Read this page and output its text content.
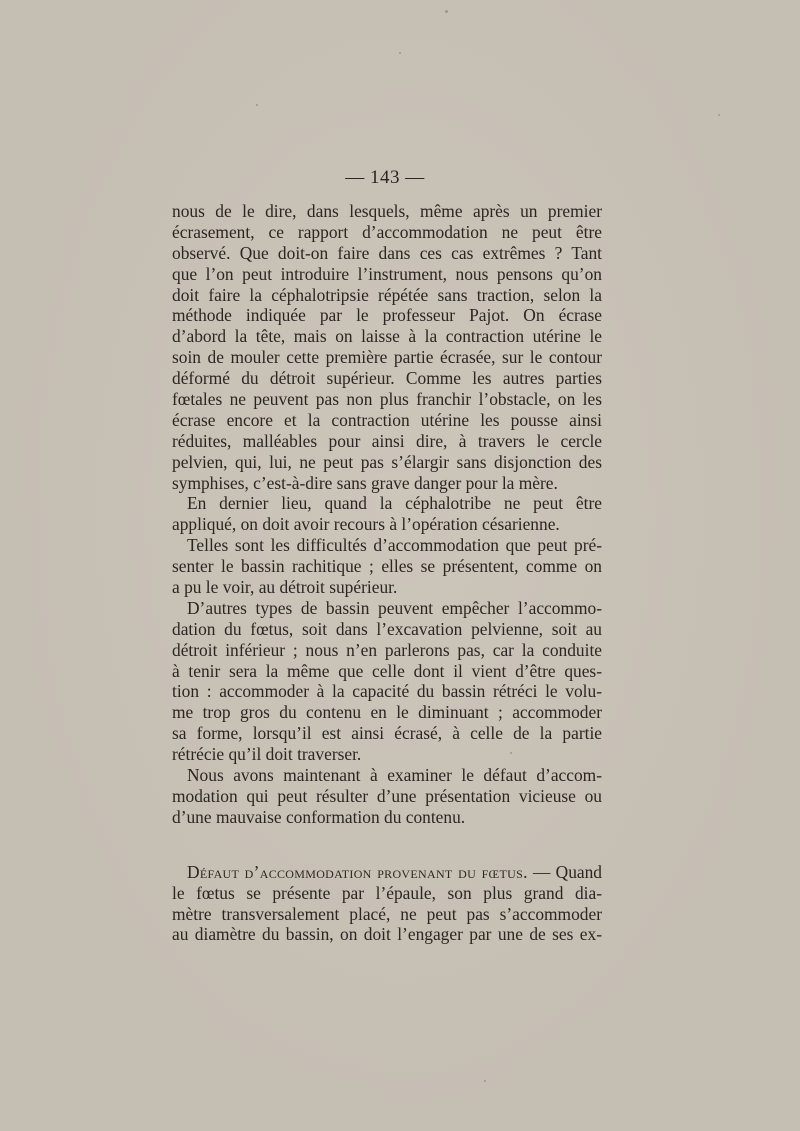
— 143 —
nous de le dire, dans lesquels, même après un premier
écrasement, ce rapport d’accommodation ne peut être
observé. Que doit-on faire dans ces cas extrêmes ? Tant
que l’on peut introduire l’instrument, nous pensons qu’on
doit faire la céphalotripsie répétée sans traction, selon la
méthode indiquée par le professeur Pajot. On écrase
d’abord la tête, mais on laisse à la contraction utérine le
soin de mouler cette première partie écrasée, sur le contour
déformé du détroit supérieur. Comme les autres parties
fœtales ne peuvent pas non plus franchir l’obstacle, on les
écrase encore et la contraction utérine les pousse ainsi
réduites, malléables pour ainsi dire, à travers le cercle
pelvien, qui, lui, ne peut pas s’élargir sans disjonction des
symphises, c’est-à-dire sans grave danger pour la mère.
En dernier lieu, quand la céphalotribe ne peut être
appliqué, on doit avoir recours à l’opération césarienne.
Telles sont les difficultés d’accommodation que peut pré-
senter le bassin rachitique ; elles se présentent, comme on
a pu le voir, au détroit supérieur.
D’autres types de bassin peuvent empêcher l’accommo-
dation du fœtus, soit dans l’excavation pelvienne, soit au
détroit inférieur ; nous n’en parlerons pas, car la conduite
à tenir sera la même que celle dont il vient d’être ques-
tion : accommoder à la capacité du bassin rétréci le volu-
me trop gros du contenu en le diminuant ; accommoder
sa forme, lorsqu’il est ainsi écrasé, à celle de la partie
rétrécie qu’il doit traverser.
Nous avons maintenant à examiner le défaut d’accom-
modation qui peut résulter d’une présentation vicieuse ou
d’une mauvaise conformation du contenu.
Défaut d’accommodation provenant du fœtus. — Quand
le fœtus se présente par l’épaule, son plus grand dia-
mètre transversalement placé, ne peut pas s’accommoder
au diamètre du bassin, on doit l’engager par une de ses ex-
